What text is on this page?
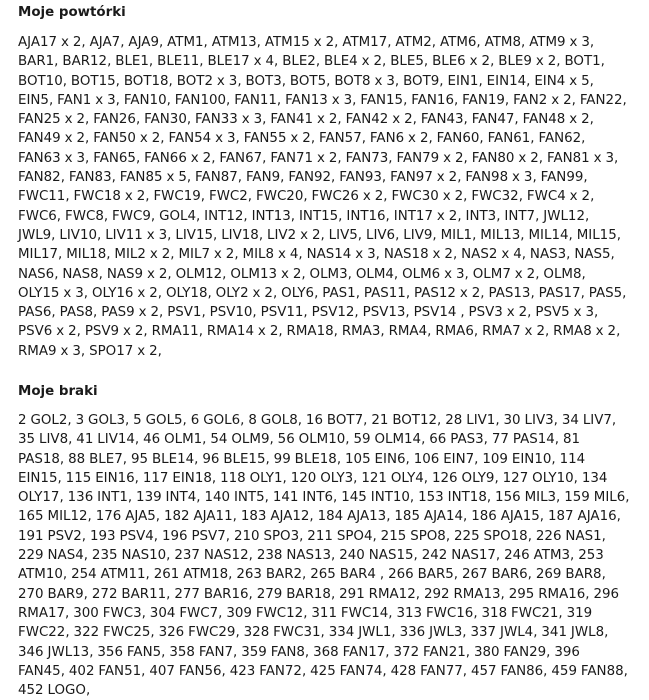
Moje powtórki

AJA17 x 2, AJA7, AJA9, ATM1, ATM13, ATM15 x 2, ATM17, ATM2, ATM6, ATM8, ATM9 x 3, BAR1, BAR12, BLE1, BLE11, BLE17 x 4, BLE2, BLE4 x 2, BLE5, BLE6 x 2, BLE9 x 2, BOT1, BOT10, BOT15, BOT18, BOT2 x 3, BOT3, BOT5, BOT8 x 3, BOT9, EIN1, EIN14, EIN4 x 5, EIN5, FAN1 x 3, FAN10, FAN100, FAN11, FAN13 x 3, FAN15, FAN16, FAN19, FAN2 x 2, FAN22, FAN25 x 2, FAN26, FAN30, FAN33 x 3, FAN41 x 2, FAN42 x 2, FAN43, FAN47, FAN48 x 2, FAN49 x 2, FAN50 x 2, FAN54 x 3, FAN55 x 2, FAN57, FAN6 x 2, FAN60, FAN61, FAN62, FAN63 x 3, FAN65, FAN66 x 2, FAN67, FAN71 x 2, FAN73, FAN79 x 2, FAN80 x 2, FAN81 x 3, FAN82, FAN83, FAN85 x 5, FAN87, FAN9, FAN92, FAN93, FAN97 x 2, FAN98 x 3, FAN99, FWC11, FWC18 x 2, FWC19, FWC2, FWC20, FWC26 x 2, FWC30 x 2, FWC32, FWC4 x 2, FWC6, FWC8, FWC9, GOL4, INT12, INT13, INT15, INT16, INT17 x 2, INT3, INT7, JWL12, JWL9, LIV10, LIV11 x 3, LIV15, LIV18, LIV2 x 2, LIV5, LIV6, LIV9, MIL1, MIL13, MIL14, MIL15, MIL17, MIL18, MIL2 x 2, MIL7 x 2, MIL8 x 4, NAS14 x 3, NAS18 x 2, NAS2 x 4, NAS3, NAS5, NAS6, NAS8, NAS9 x 2, OLM12, OLM13 x 2, OLM3, OLM4, OLM6 x 3, OLM7 x 2, OLM8, OLY15 x 3, OLY16 x 2, OLY18, OLY2 x 2, OLY6, PAS1, PAS11, PAS12 x 2, PAS13, PAS17, PAS5, PAS6, PAS8, PAS9 x 2, PSV1, PSV10, PSV11, PSV12, PSV13, PSV14 , PSV3 x 2, PSV5 x 3, PSV6 x 2, PSV9 x 2, RMA11, RMA14 x 2, RMA18, RMA3, RMA4, RMA6, RMA7 x 2, RMA8 x 2, RMA9 x 3, SPO17 x 2,

Moje braki

2 GOL2, 3 GOL3, 5 GOL5, 6 GOL6, 8 GOL8, 16 BOT7, 21 BOT12, 28 LIV1, 30 LIV3, 34 LIV7, 35 LIV8, 41 LIV14, 46 OLM1, 54 OLM9, 56 OLM10, 59 OLM14, 66 PAS3, 77 PAS14, 81 PAS18, 88 BLE7, 95 BLE14, 96 BLE15, 99 BLE18, 105 EIN6, 106 EIN7, 109 EIN10, 114 EIN15, 115 EIN16, 117 EIN18, 118 OLY1, 120 OLY3, 121 OLY4, 126 OLY9, 127 OLY10, 134 OLY17, 136 INT1, 139 INT4, 140 INT5, 141 INT6, 145 INT10, 153 INT18, 156 MIL3, 159 MIL6, 165 MIL12, 176 AJA5, 182 AJA11, 183 AJA12, 184 AJA13, 185 AJA14, 186 AJA15, 187 AJA16, 191 PSV2, 193 PSV4, 196 PSV7, 210 SPO3, 211 SPO4, 215 SPO8, 225 SPO18, 226 NAS1, 229 NAS4, 235 NAS10, 237 NAS12, 238 NAS13, 240 NAS15, 242 NAS17, 246 ATM3, 253 ATM10, 254 ATM11, 261 ATM18, 263 BAR2, 265 BAR4 , 266 BAR5, 267 BAR6, 269 BAR8, 270 BAR9, 272 BAR11, 277 BAR16, 279 BAR18, 291 RMA12, 292 RMA13, 295 RMA16, 296 RMA17, 300 FWC3, 304 FWC7, 309 FWC12, 311 FWC14, 313 FWC16, 318 FWC21, 319 FWC22, 322 FWC25, 326 FWC29, 328 FWC31, 334 JWL1, 336 JWL3, 337 JWL4, 341 JWL8, 346 JWL13, 356 FAN5, 358 FAN7, 359 FAN8, 368 FAN17, 372 FAN21, 380 FAN29, 396 FAN45, 402 FAN51, 407 FAN56, 423 FAN72, 425 FAN74, 428 FAN77, 457 FAN86, 459 FAN88, 452 LOGO,
